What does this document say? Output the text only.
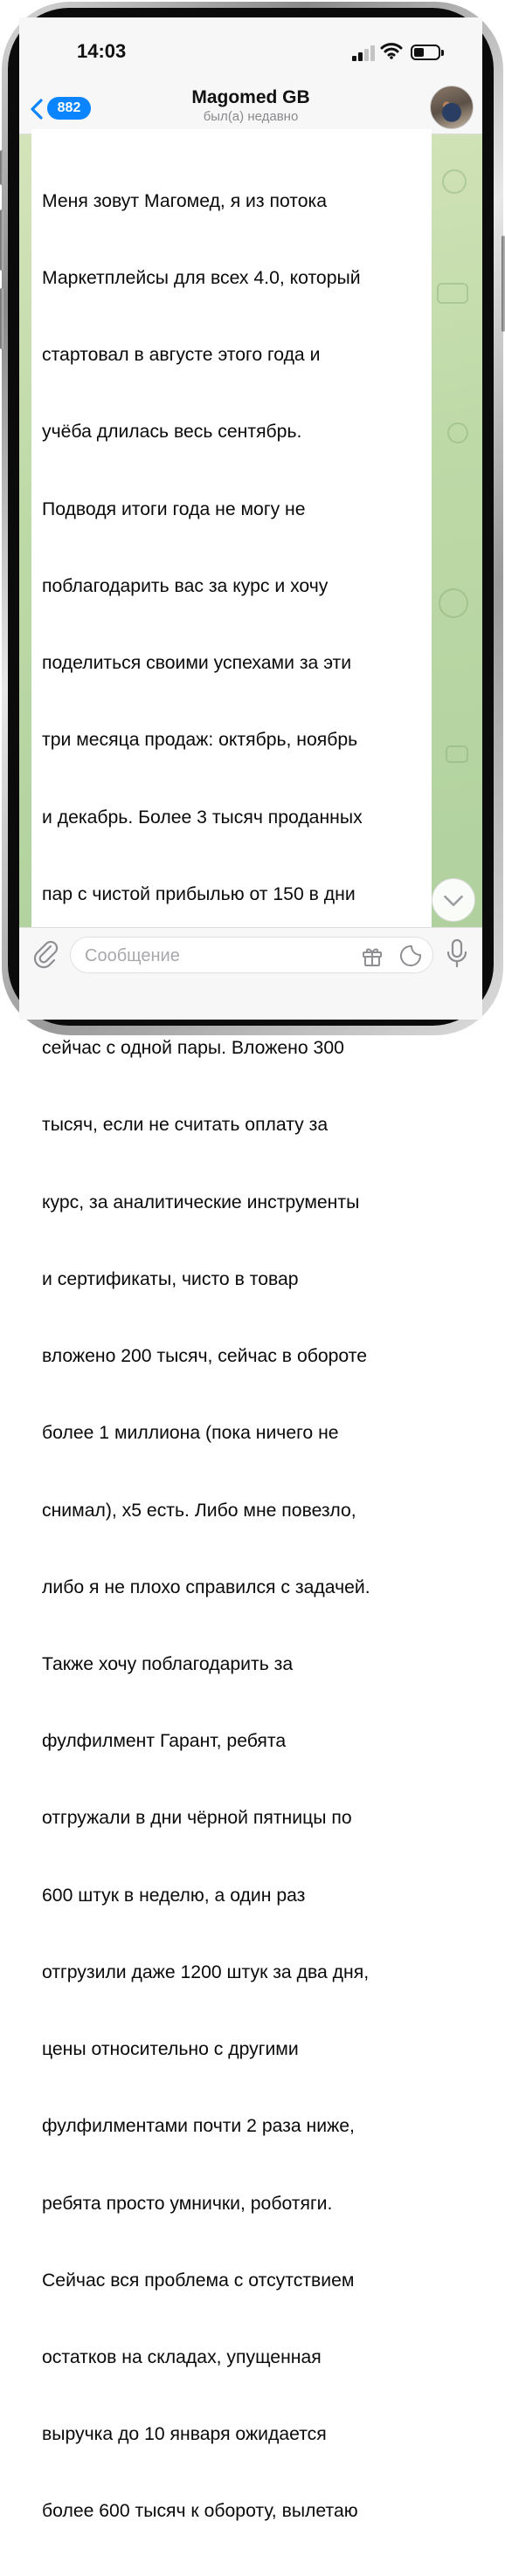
14:03
882
Magomed GB
был(а) недавно

Меня зовут Магомед, я из потока

Маркетплейсы для всех 4.0, который

стартовал в августе этого года и

учёба длилась весь сентябрь.

Подводя итоги года не могу не

поблагодарить вас за курс и хочу

поделиться своими успехами за эти

три месяца продаж: октябрь, ноябрь

и декабрь. Более 3 тысяч проданных

пар с чистой прибылью от 150 в дни

сейчас с одной пары. Вложено 300

тысяч, если не считать оплату за

курс, за аналитические инструменты

и сертификаты, чисто в товар

вложено 200 тысяч, сейчас в обороте

более 1 миллиона (пока ничего не

снимал), х5 есть. Либо мне повезло,

либо я не плохо справился с задачей.

Также хочу поблагодарить за

фулфилмент Гарант, ребята

отгружали в дни чёрной пятницы по

600 штук в неделю, а один раз

отгрузили даже 1200 штук за два дня,

цены относительно с другими

фулфилментами почти 2 раза ниже,

ребята просто умнички, роботяги.

Сейчас вся проблема с отсутствием

остатков на складах, упущенная

выручка до 10 января ожидается

более 600 тысяч к обороту, вылетаю

Сообщение
